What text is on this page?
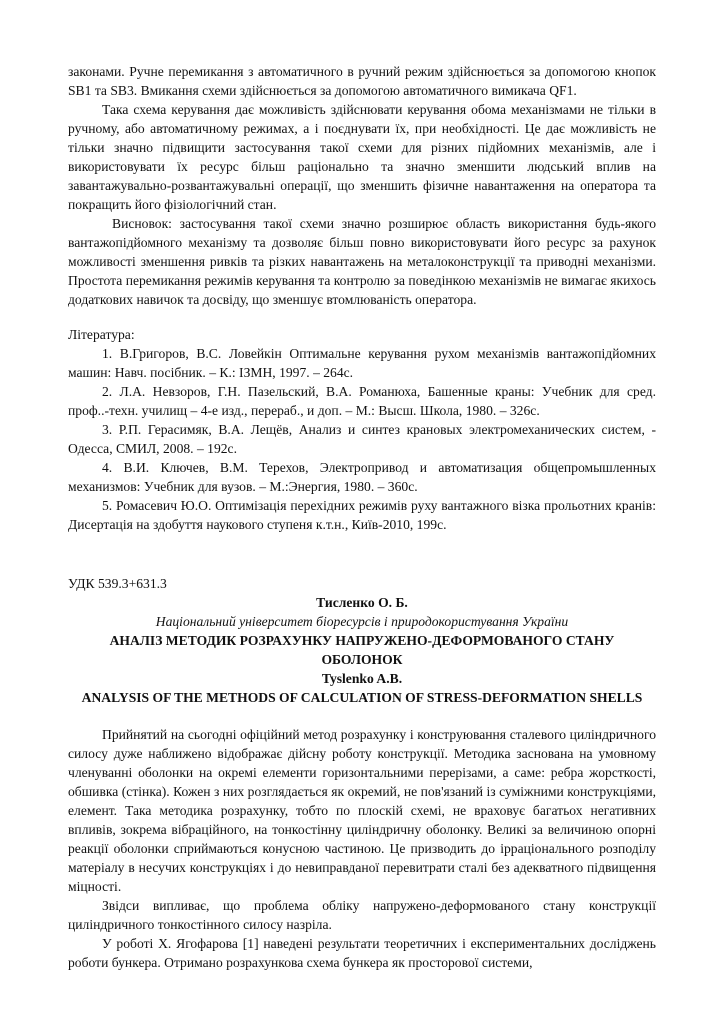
законами. Ручне перемикання з автоматичного в ручний режим здійснюється за допомогою кнопок SB1 та SB3. Вмикання схеми здійснюється за допомогою автоматичного вимикача QF1.

Така схема керування дає можливість здійснювати керування обома механізмами не тільки в ручному, або автоматичному режимах, а і поєднувати їх, при необхідності. Це дає можливість не тільки значно підвищити застосування такої схеми для різних підйомних механізмів, але і використовувати їх ресурс більш раціонально та значно зменшити людський вплив на завантажувально-розвантажувальні операції, що зменшить фізичне навантаження на оператора та покращить його фізіологічний стан.

Висновок: застосування такої схеми значно розширює область використання будь-якого вантажопідйомного механізму та дозволяє більш повно використовувати його ресурс за рахунок можливості зменшення ривків та різких навантажень на металоконструкції та приводні механізми. Простота перемикання режимів керування та контролю за поведінкою механізмів не вимагає якихось додаткових навичок та досвіду, що зменшує втомлюваність оператора.

Література:

1. В.Григоров, В.С. Ловейкін Оптимальне керування рухом механізмів вантажопідйомних машин: Навч. посібник. – К.: ІЗМН, 1997. – 264с.

2. Л.А. Невзоров, Г.Н. Пазельский, В.А. Романюха, Башенные краны: Учебник для сред. проф..-техн. училищ – 4-е изд., перераб., и доп. – М.: Высш. Школа, 1980. – 326с.

3. Р.П. Герасимяк, В.А. Лещёв, Анализ и синтез крановых электромеханических систем, - Одесса, СМИЛ, 2008. – 192с.

4. В.И. Ключев, В.М. Терехов, Электропривод и автоматизация общепромышленных механизмов: Учебник для вузов. – М.:Энергия, 1980. – 360с.

5. Ромасевич Ю.О. Оптимізація перехідних режимів руху вантажного візка прольотних кранів: Дисертація на здобуття наукового ступеня к.т.н., Київ-2010, 199с.

УДК 539.3+631.3

Тисленко О. Б.

Національний університет біоресурсів і природокористування України

АНАЛІЗ МЕТОДИК РОЗРАХУНКУ НАПРУЖЕНО-ДЕФОРМОВАНОГО СТАНУ ОБОЛОНОК

Tyslenko A.B.

ANALYSIS OF THE METHODS OF CALCULATION OF STRESS-DEFORMATION SHELLS

Прийнятий на сьогодні офіційний метод розрахунку і конструювання сталевого циліндричного силосу дуже наближено відображає дійсну роботу конструкції. Методика заснована на умовному членуванні оболонки на окремі елементи горизонтальними перерізами, а саме: ребра жорсткості, обшивка (стінка). Кожен з них розглядається як окремий, не пов'язаний із суміжними конструкціями, елемент. Така методика розрахунку, тобто по плоскій схемі, не враховує багатьох негативних впливів, зокрема вібраційного, на тонкостінну циліндричну оболонку. Великі за величиною опорні реакції оболонки сприймаються конусною частиною. Це призводить до ірраціонального розподілу матеріалу в несучих конструкціях і до невиправданої перевитрати сталі без адекватного підвищення міцності.

Звідси випливає, що проблема обліку напружено-деформованого стану конструкції циліндричного тонкостінного силосу назріла.

У роботі Х. Ягофарова [1] наведені результати теоретичних і експериментальних досліджень роботи бункера. Отримано розрахункова схема бункера як просторової системи,
